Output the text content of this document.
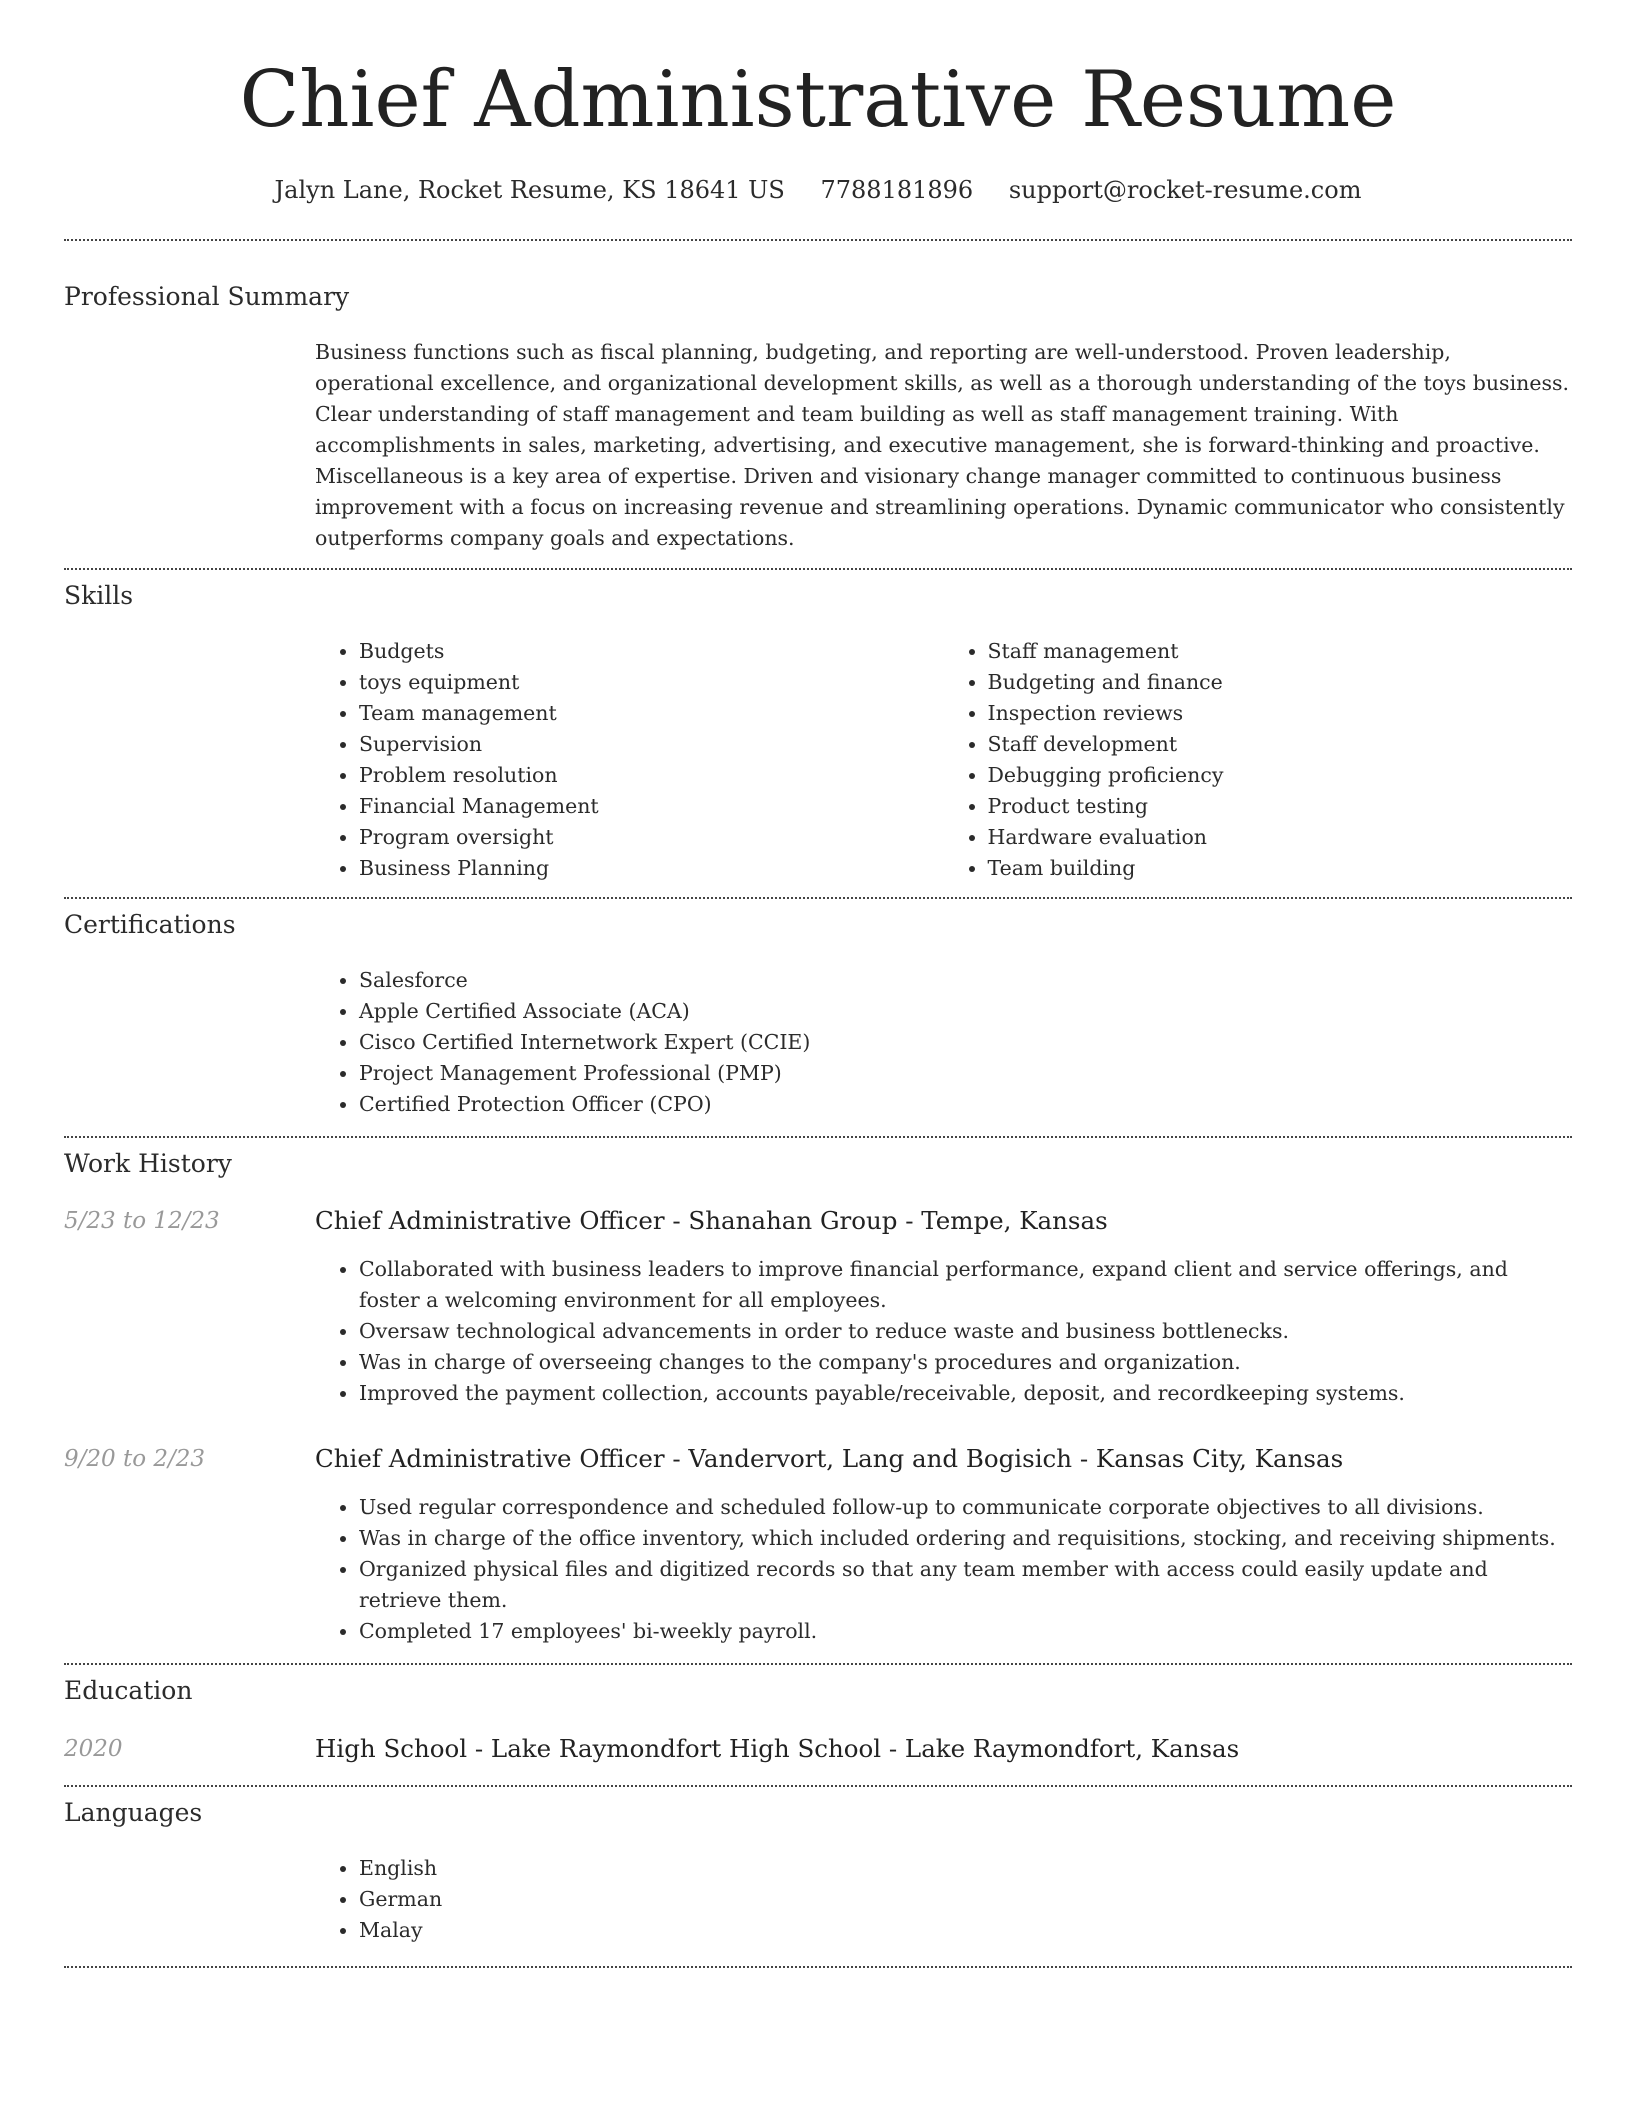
Chief Administrative Resume
Jalyn Lane, Rocket Resume, KS 18641 US 7788181896 support@rocket-resume.com
Professional Summary

Business functions such as fiscal planning, budgeting, and reporting are well-understood. Proven leadership, operational excellence, and organizational development skills, as well as a thorough understanding of the toys business. Clear understanding of staff management and team building as well as staff management training. With accomplishments in sales, marketing, advertising, and executive management, she is forward-thinking and proactive. Miscellaneous is a key area of expertise. Driven and visionary change manager committed to continuous business improvement with a focus on increasing revenue and streamlining operations. Dynamic communicator who consistently outperforms company goals and expectations.

Skills
• Budgets
• toys equipment
• Team management
• Supervision
• Problem resolution
• Financial Management
• Program oversight
• Business Planning
• Staff management
• Budgeting and finance
• Inspection reviews
• Staff development
• Debugging proficiency
• Product testing
• Hardware evaluation
• Team building
Certifications
• Salesforce
• Apple Certified Associate (ACA)
• Cisco Certified Internetwork Expert (CCIE)
• Project Management Professional (PMP)
• Certified Protection Officer (CPO)
Work History
5/23 to 12/23	Chief Administrative Officer - Shanahan Group - Tempe, Kansas
• Collaborated with business leaders to improve financial performance, expand client and service offerings, and foster a welcoming environment for all employees.
• Oversaw technological advancements in order to reduce waste and business bottlenecks.
• Was in charge of overseeing changes to the company's procedures and organization.
• Improved the payment collection, accounts payable/receivable, deposit, and recordkeeping systems.
9/20 to 2/23	Chief Administrative Officer - Vandervort, Lang and Bogisich - Kansas City, Kansas
• Used regular correspondence and scheduled follow-up to communicate corporate objectives to all divisions.
• Was in charge of the office inventory, which included ordering and requisitions, stocking, and receiving shipments.
• Organized physical files and digitized records so that any team member with access could easily update and retrieve them.
• Completed 17 employees' bi-weekly payroll.
Education
2020	High School - Lake Raymondfort High School - Lake Raymondfort, Kansas
Languages
• English
• German
• Malay
